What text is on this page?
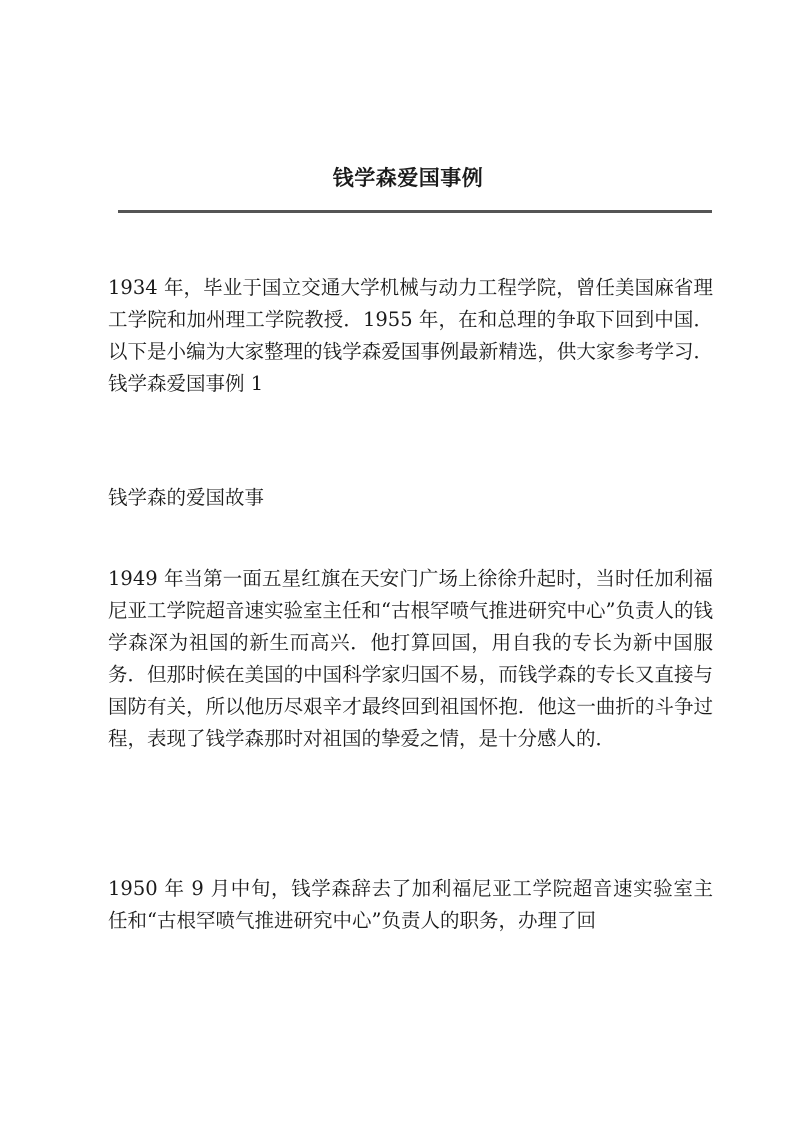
钱学森爱国事例

1934 年，毕业于国立交通大学机械与动力工程学院，曾任美国麻省理工学院和加州理工学院教授．1955 年，在和总理的争取下回到中国．以下是小编为大家整理的钱学森爱国事例最新精选，供大家参考学习．钱学森爱国事例 1

钱学森的爱国故事

1949 年当第一面五星红旗在天安门广场上徐徐升起时，当时任加利福尼亚工学院超音速实验室主任和“古根罕喷气推进研究中心”负责人的钱学森深为祖国的新生而高兴．他打算回国，用自我的专长为新中国服务．但那时候在美国的中国科学家归国不易，而钱学森的专长又直接与国防有关，所以他历尽艰辛才最终回到祖国怀抱．他这一曲折的斗争过程，表现了钱学森那时对祖国的挚爱之情，是十分感人的．

1950 年 9 月中旬，钱学森辞去了加利福尼亚工学院超音速实验室主任和“古根罕喷气推进研究中心”负责人的职务，办理了回
